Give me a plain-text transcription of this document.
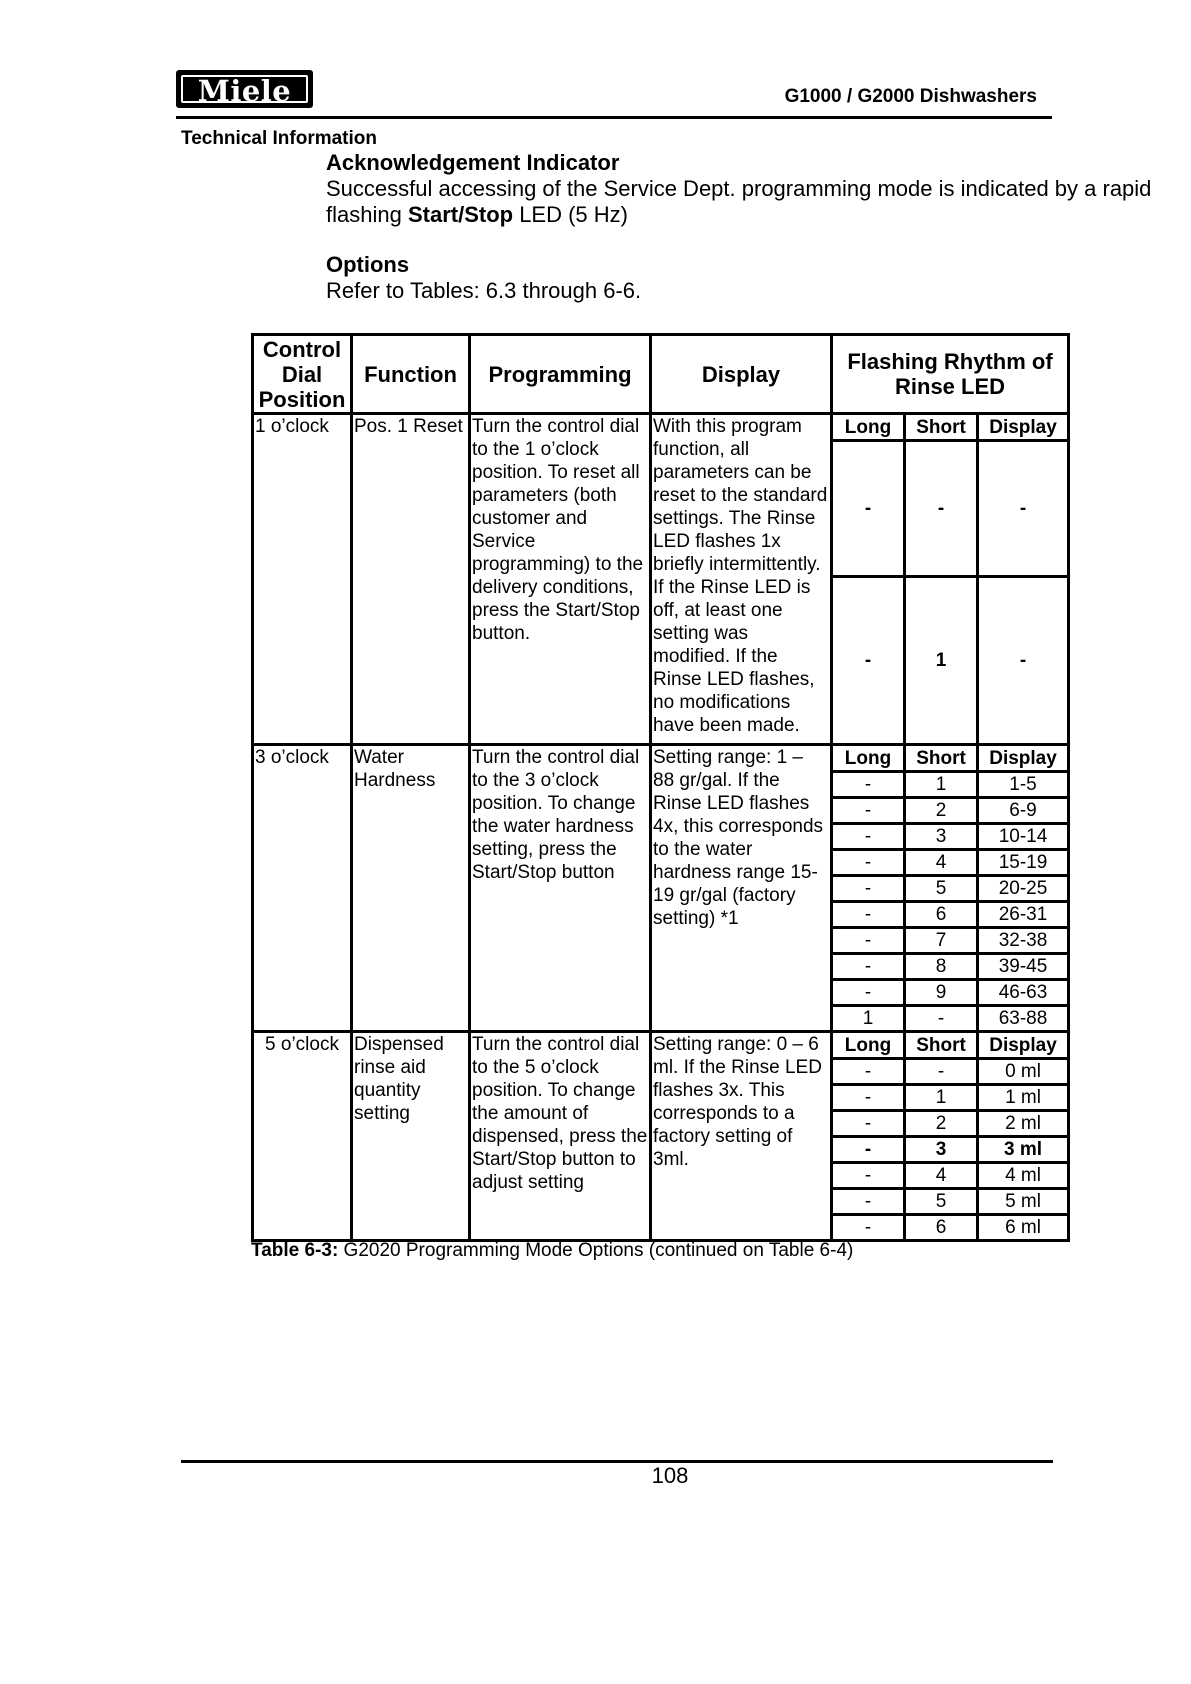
Miele	G1000 / G2000 Dishwashers
Technical Information

Acknowledgement Indicator

Successful accessing of the Service Dept. programming mode is indicated by a rapid

flashing Start/Stop LED (5 Hz)

Options

Refer to Tables: 6.3 through 6-6.

Control Dial Position	Function	Programming	Display	Flashing Rhythm of Rinse LED		
1 o’clock	Pos. 1 Reset	Turn the control dial to the 1 o’clock position. To reset all parameters (both customer and Service programming) to the delivery conditions, press the Start/Stop button.	With this program function, all parameters can be reset to the standard settings. The Rinse LED flashes 1x briefly intermittently. If the Rinse LED is off, at least one setting was modified. If the Rinse LED flashes, no modifications have been made.	Long	Short	Display
				-	-	-
				-	1	-
3 o’clock	Water Hardness	Turn the control dial to the 3 o’clock position. To change the water hardness setting, press the Start/Stop button	Setting range: 1 – 88 gr/gal. If the Rinse LED flashes 4x, this corresponds to the water hardness range 15-19 gr/gal (factory setting) *1	Long	Short	Display
				-	1	1-5
				-	2	6-9
				-	3	10-14
				-	4	15-19
				-	5	20-25
				-	6	26-31
				-	7	32-38
				-	8	39-45
				-	9	46-63
				1	-	63-88
5 o’clock	Dispensed rinse aid quantity setting	Turn the control dial to the 5 o’clock position. To change the amount of dispensed, press the Start/Stop button to adjust setting	Setting range: 0 – 6 ml. If the Rinse LED flashes 3x. This corresponds to a factory setting of 3ml.	Long	Short	Display
				-	-	0 ml
				-	1	1 ml
				-	2	2 ml
				-	3	3 ml
				-	4	4 ml
				-	5	5 ml
				-	6	6 ml
Table 6-3: G2020 Programming Mode Options (continued on Table 6-4)
108
